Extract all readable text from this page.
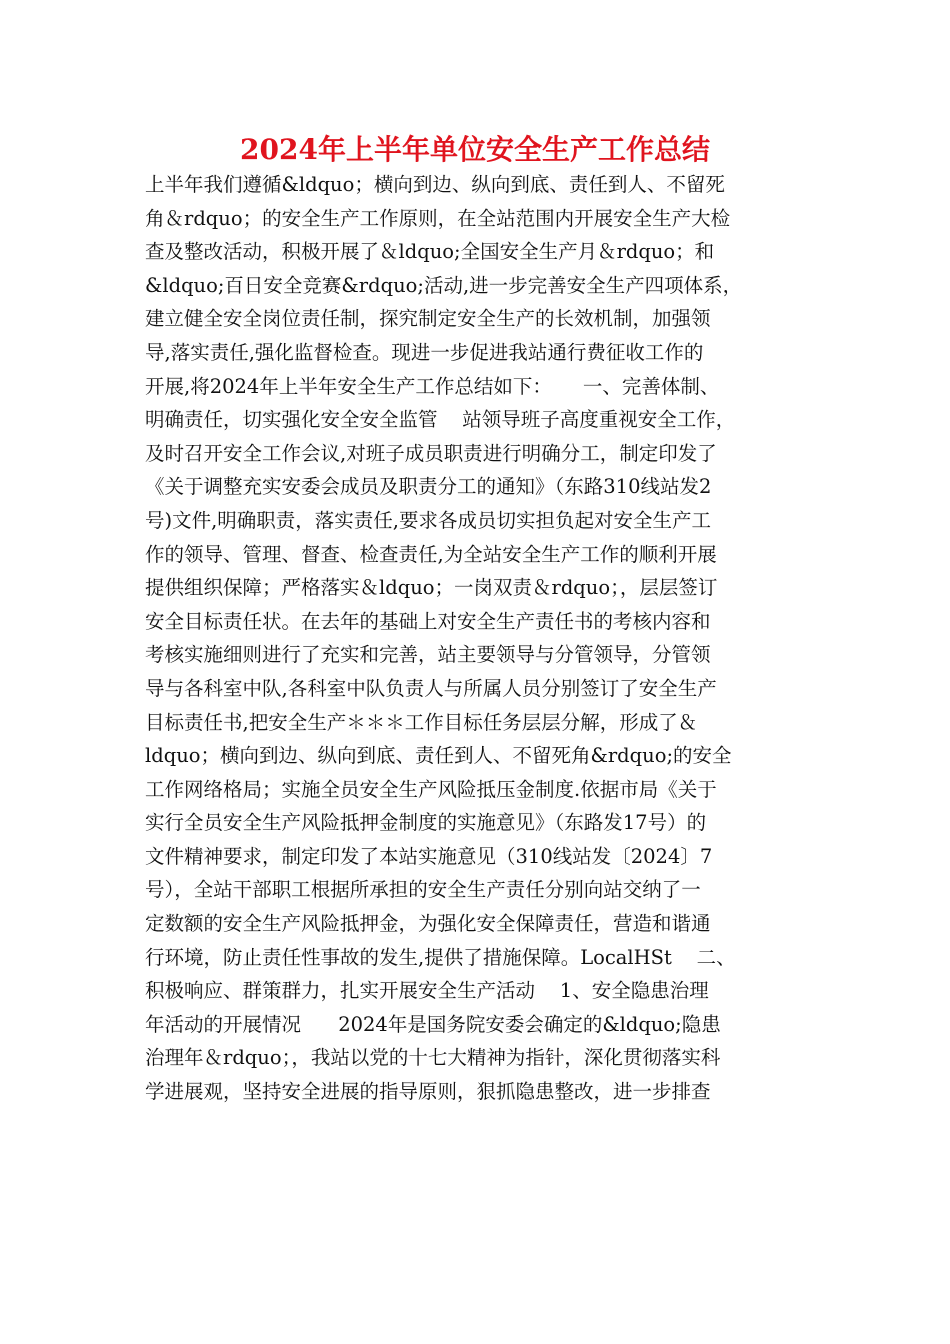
2024年上半年单位安全生产工作总结
上半年我们遵循&ldquo；横向到边、纵向到底、责任到人、不留死
角＆rdquo；的安全生产工作原则，在全站范围内开展安全生产大检
查及整改活动，积极开展了＆ldquo;全国安全生产月＆rdquo；和
&ldquo;百日安全竞赛&rdquo;活动,进一步完善安全生产四项体系，
建立健全安全岗位责任制，探究制定安全生产的长效机制，加强领
导,落实责任,强化监督检查。现进一步促进我站通行费征收工作的
开展,将2024年上半年安全生产工作总结如下：     一、完善体制、
明确责任，切实强化安全安全监管    站领导班子高度重视安全工作，
及时召开安全工作会议,对班子成员职责进行明确分工，制定印发了
《关于调整充实安委会成员及职责分工的通知》（东路310线站发2
号)文件,明确职责，落实责任,要求各成员切实担负起对安全生产工
作的领导、管理、督查、检查责任,为全站安全生产工作的顺利开展
提供组织保障；严格落实＆ldquo；一岗双责＆rdquo；，层层签订
安全目标责任状。在去年的基础上对安全生产责任书的考核内容和
考核实施细则进行了充实和完善，站主要领导与分管领导，分管领
导与各科室中队,各科室中队负责人与所属人员分别签订了安全生产
目标责任书,把安全生产＊＊＊工作目标任务层层分解，形成了＆
ldquo；横向到边、纵向到底、责任到人、不留死角&rdquo;的安全
工作网络格局；实施全员安全生产风险抵压金制度.依据市局《关于
实行全员安全生产风险抵押金制度的实施意见》（东路发17号）的
文件精神要求，制定印发了本站实施意见（310线站发〔2024〕7
号），全站干部职工根据所承担的安全生产责任分别向站交纳了一
定数额的安全生产风险抵押金，为强化安全保障责任，营造和谐通
行环境，防止责任性事故的发生,提供了措施保障。LocalHSt    二、
积极响应、群策群力，扎实开展安全生产活动    1、安全隐患治理
年活动的开展情况      2024年是国务院安委会确定的&ldquo;隐患
治理年＆rdquo；，我站以党的十七大精神为指针，深化贯彻落实科
学进展观，坚持安全进展的指导原则，狠抓隐患整改，进一步排查
